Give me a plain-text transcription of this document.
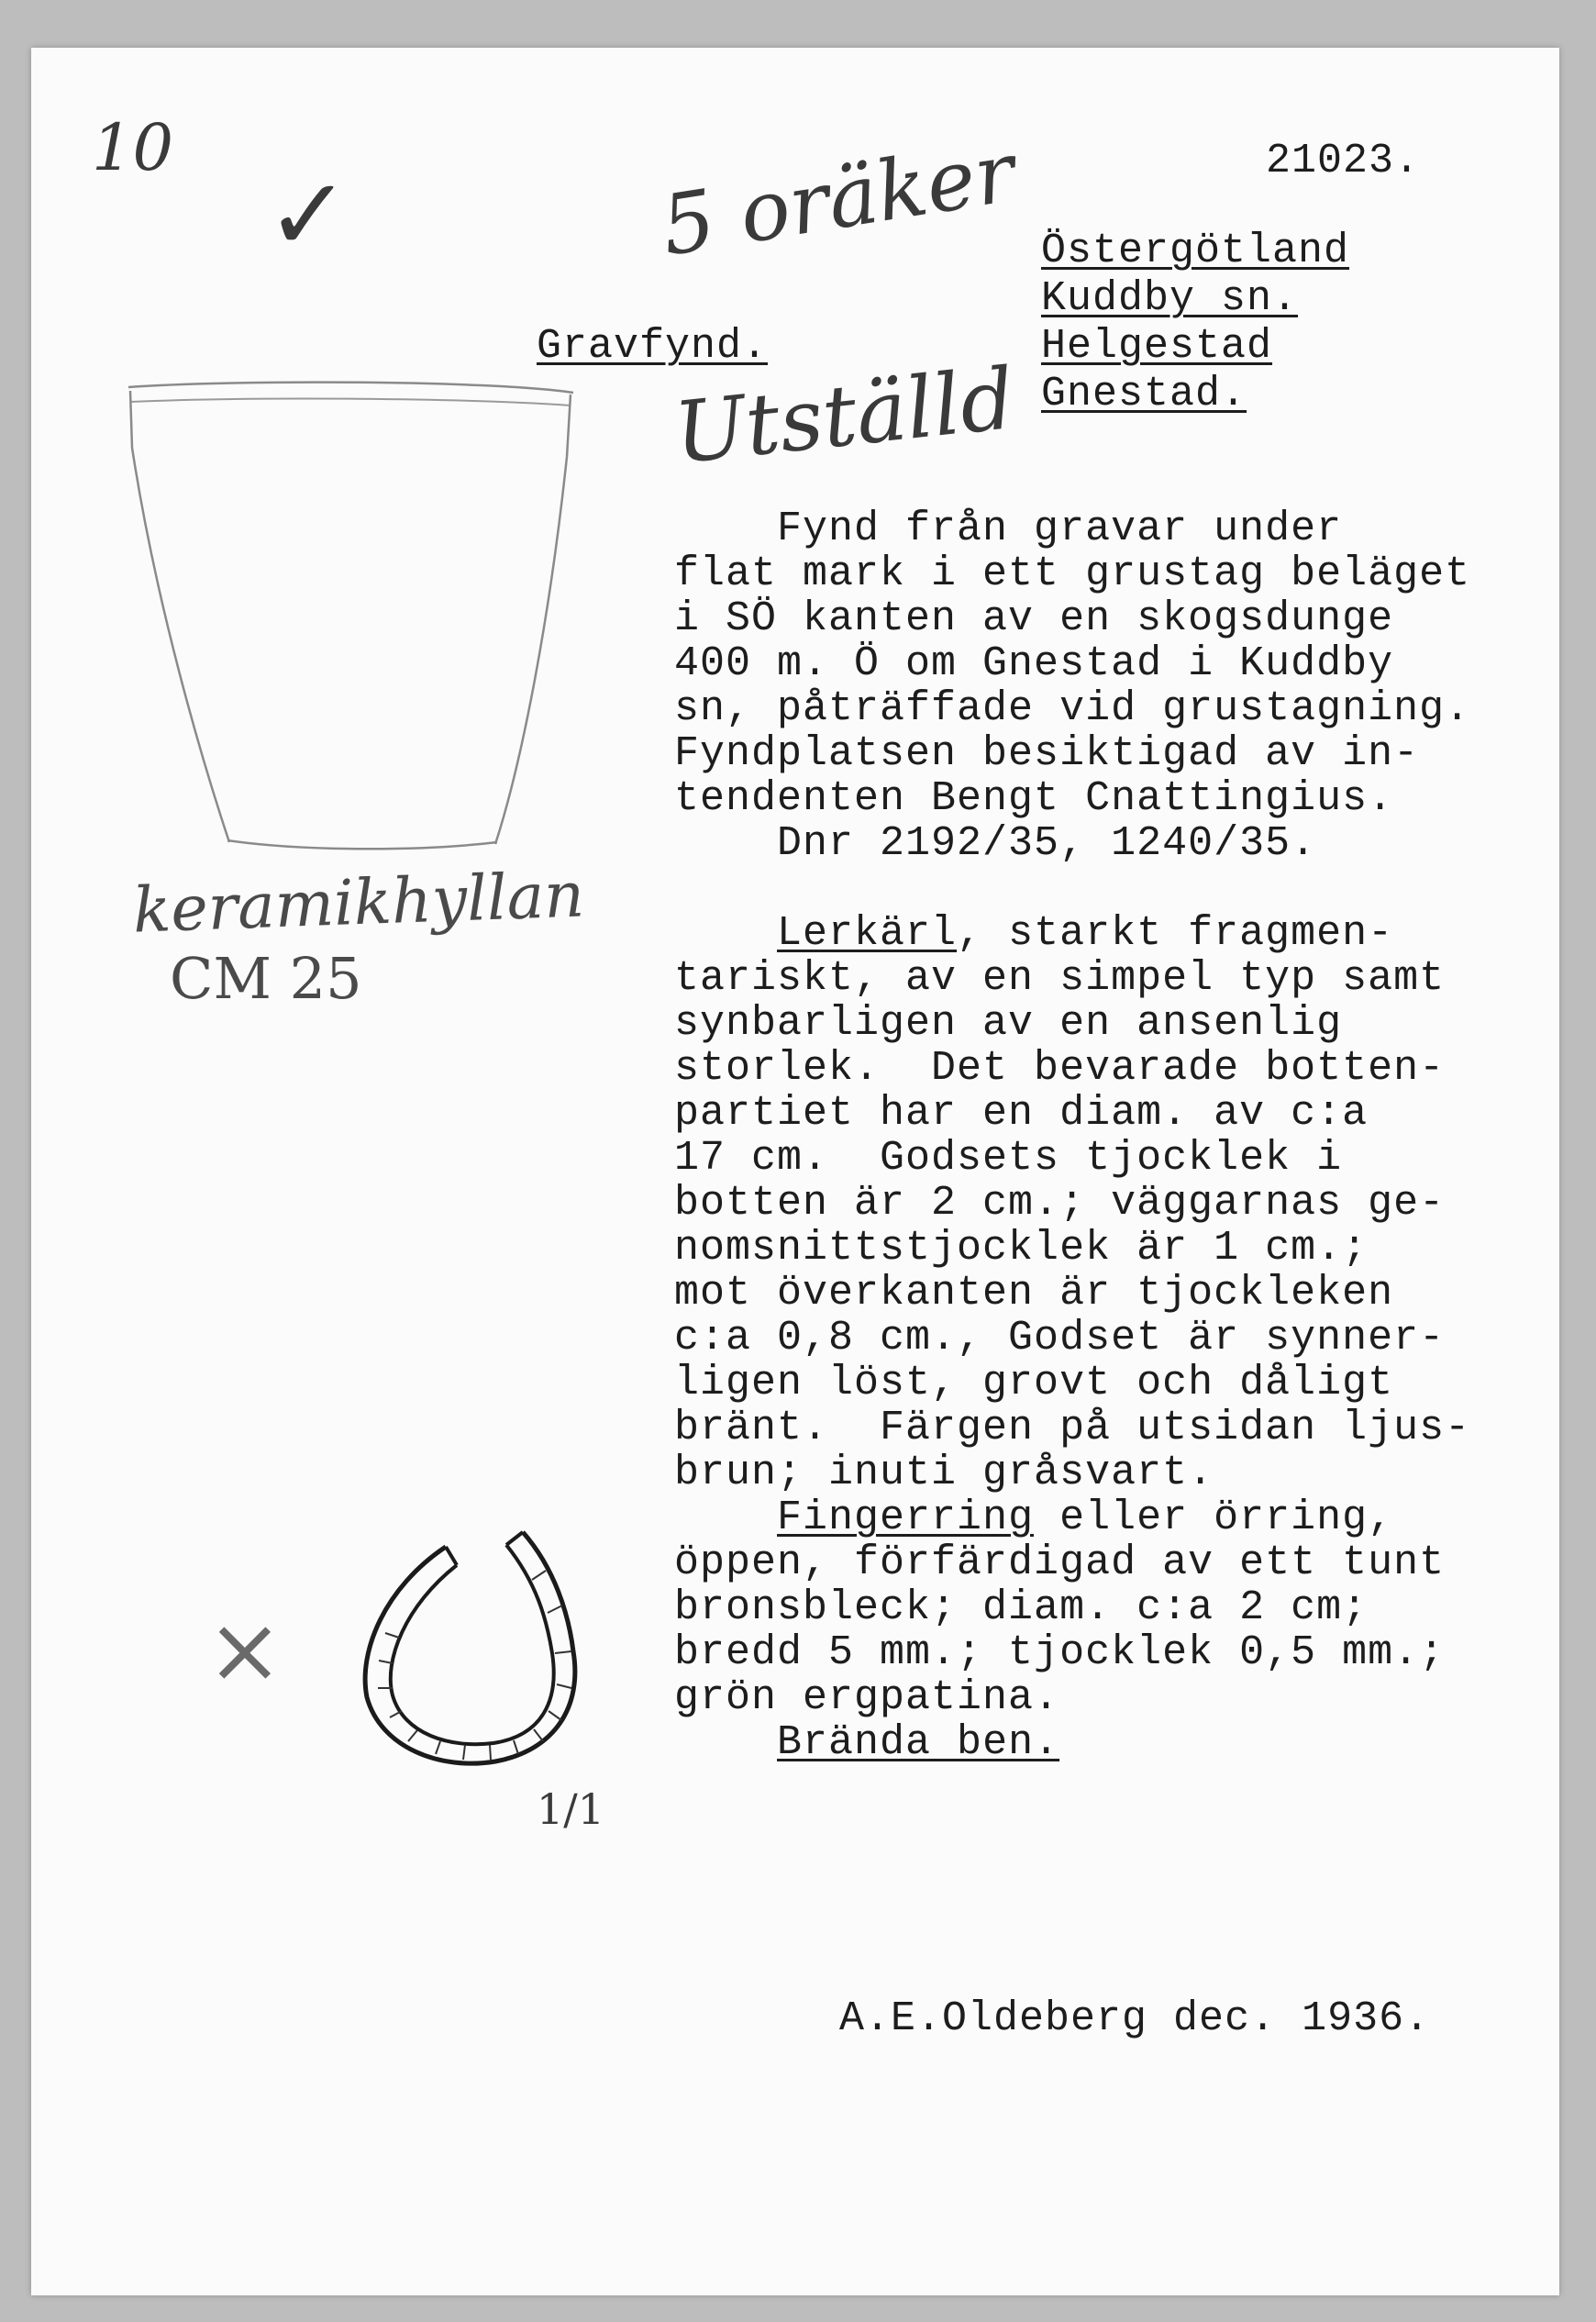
10
✓	5 oräker
Utställd
keramikhyllan
CM 25
×
1/1
21023.
Gravfynd.
Östergötland
Kuddby sn.
Helgestad
Gnestad.
Fynd från gravar under
flat mark i ett grustag beläget
i SÖ kanten av en skogsdunge
400 m. Ö om Gnestad i Kuddby
sn, påträffade vid grustagning.
Fyndplatsen besiktigad av in-
tendenten Bengt Cnattingius.
Dnr 2192/35, 1240/35.
Lerkärl, starkt fragmen-
tariskt, av en simpel typ samt
synbarligen av en ansenlig
storlek.  Det bevarade botten-
partiet har en diam. av c:a
17 cm.  Godsets tjocklek i
botten är 2 cm.; väggarnas ge-
nomsnittstjocklek är 1 cm.;
mot överkanten är tjockleken
c:a 0,8 cm., Godset är synner-
ligen löst, grovt och dåligt
bränt.  Färgen på utsidan ljus-
brun; inuti gråsvart.
Fingerring eller örring,
öppen, förfärdigad av ett tunt
bronsbleck; diam. c:a 2 cm;
bredd 5 mm.; tjocklek 0,5 mm.;
grön ergpatina.
Brända ben.
A.E.Oldeberg dec. 1936.
